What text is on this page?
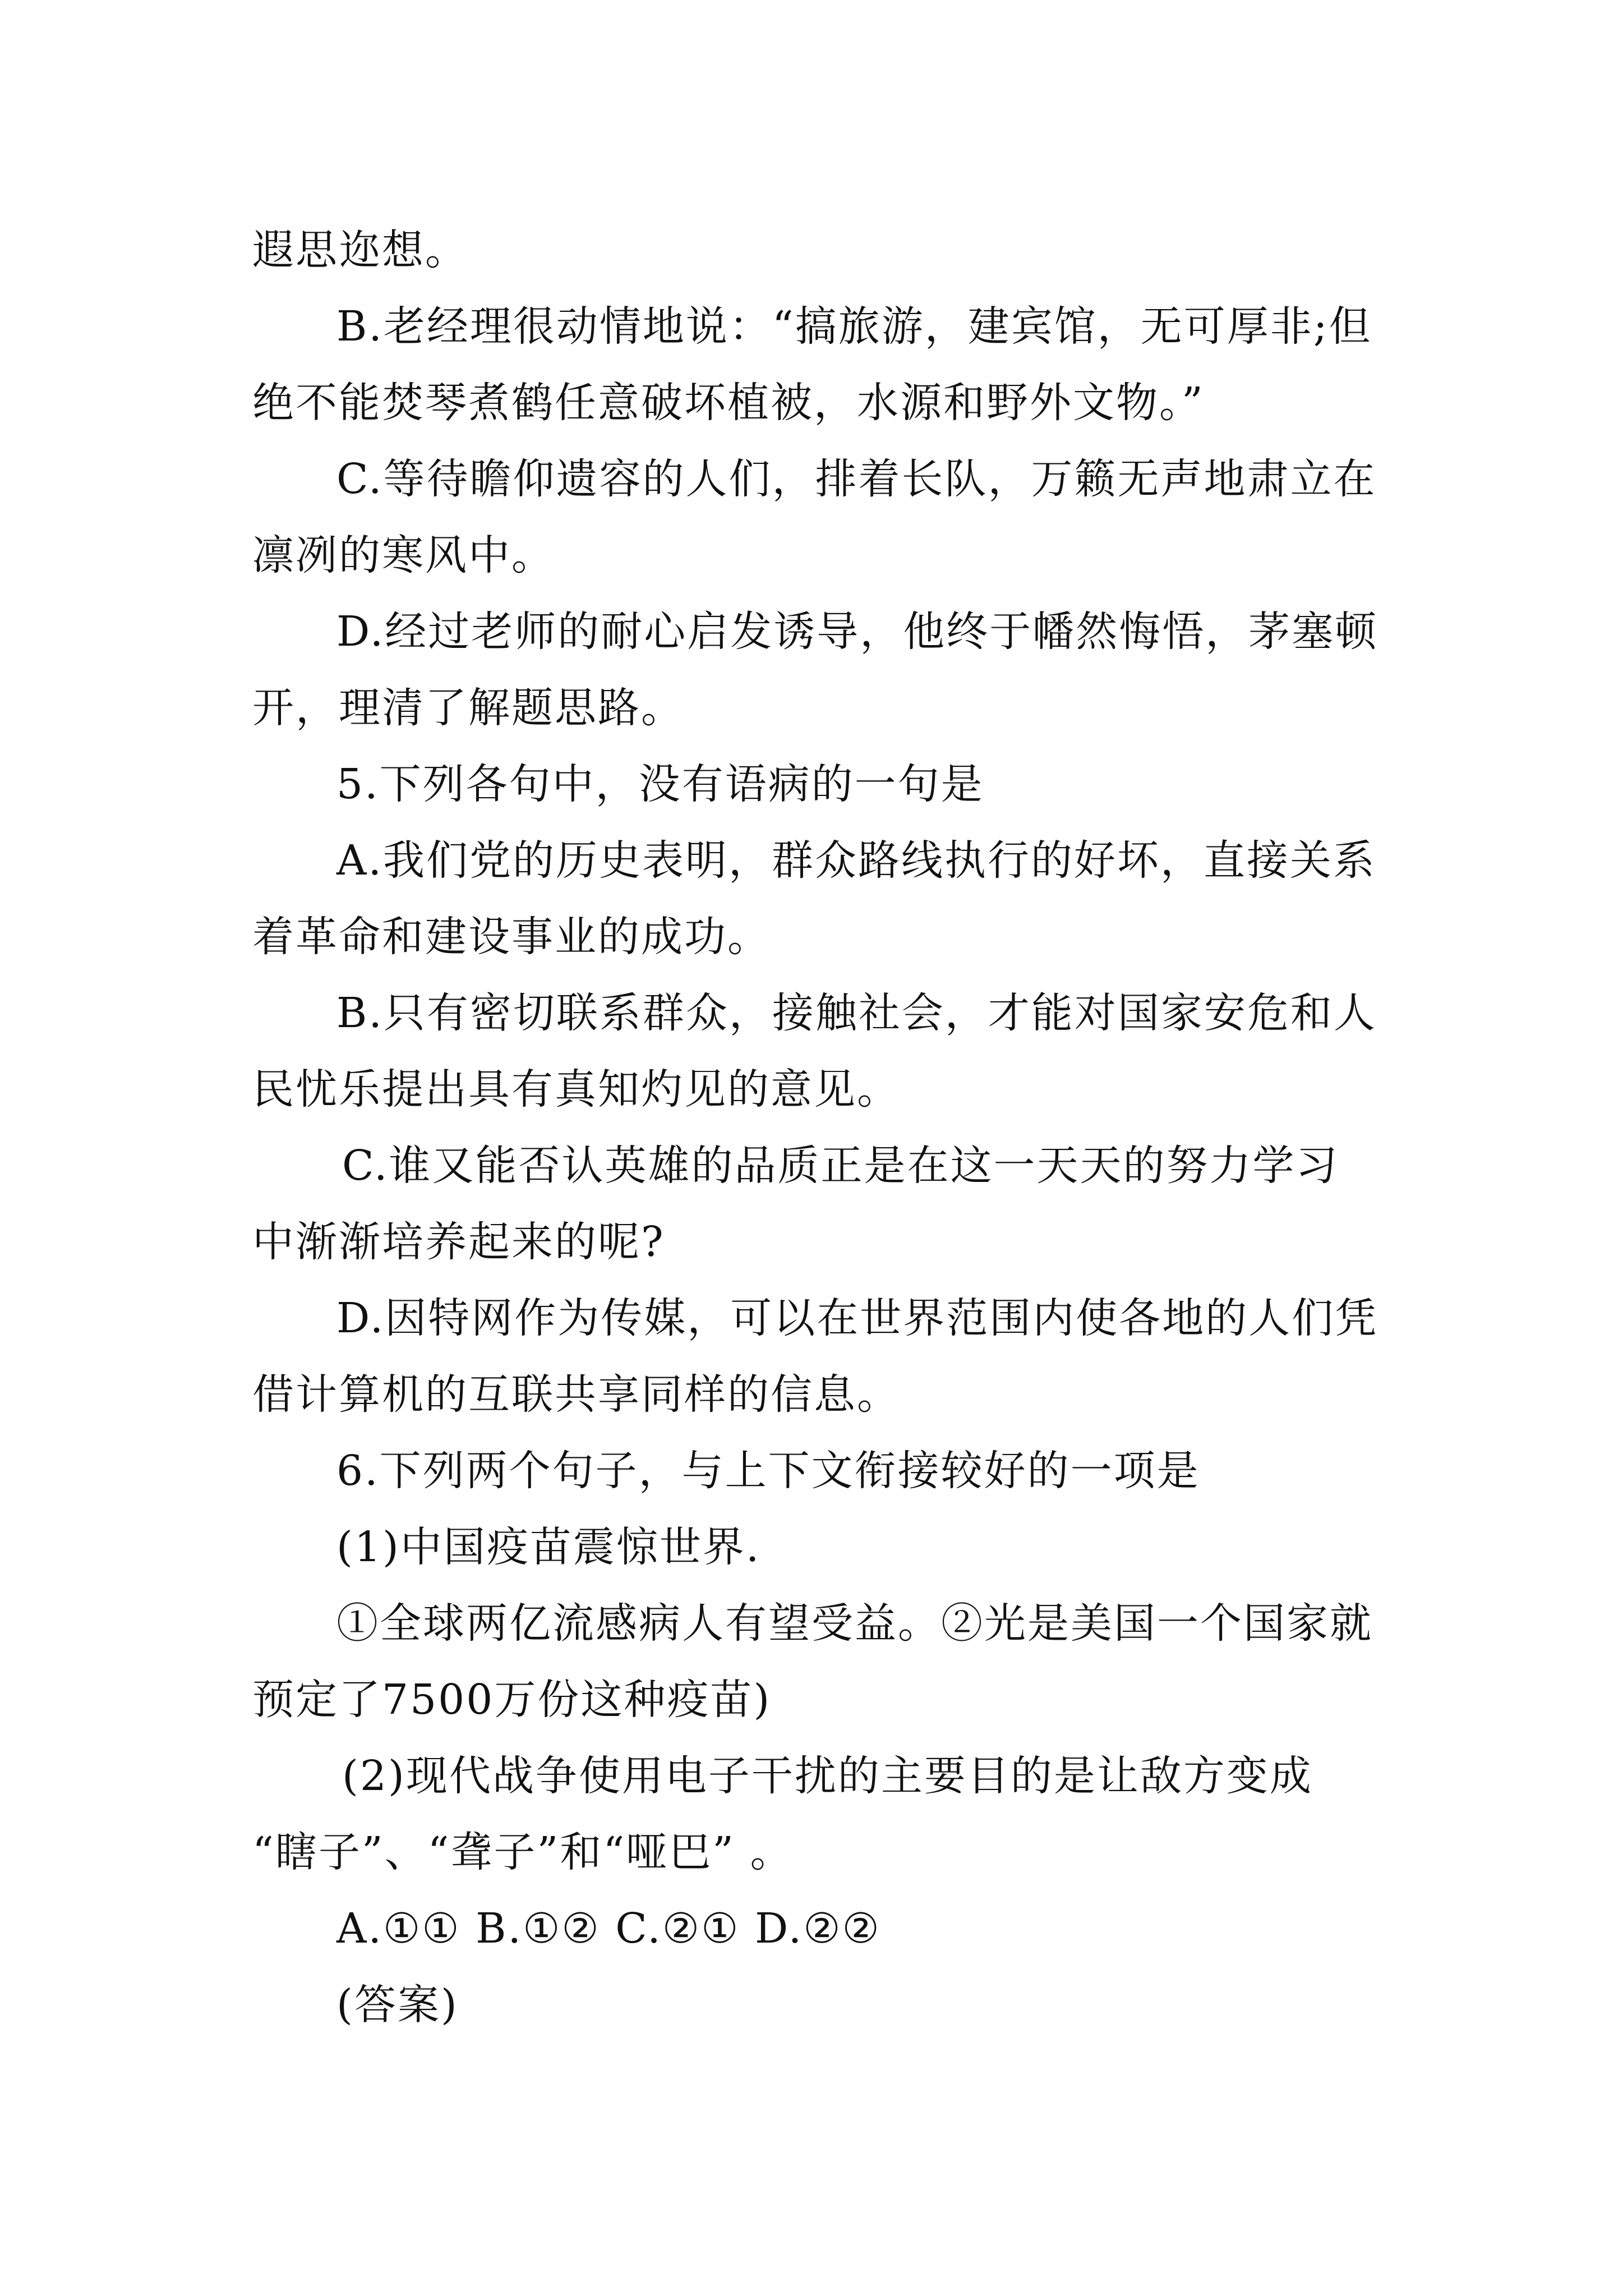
遐思迩想。
B.老经理很动情地说：“搞旅游，建宾馆，无可厚非;但
绝不能焚琴煮鹤任意破坏植被，水源和野外文物。”
C.等待瞻仰遗容的人们，排着长队，万籁无声地肃立在
凛冽的寒风中。
D.经过老师的耐心启发诱导，他终于幡然悔悟，茅塞顿
开，理清了解题思路。
5.下列各句中，没有语病的一句是
A.我们党的历史表明，群众路线执行的好坏，直接关系
着革命和建设事业的成功。
B.只有密切联系群众，接触社会，才能对国家安危和人
民忧乐提出具有真知灼见的意见。
C.谁又能否认英雄的品质正是在这一天天的努力学习
中渐渐培养起来的呢?
D.因特网作为传媒，可以在世界范围内使各地的人们凭
借计算机的互联共享同样的信息。
6.下列两个句子，与上下文衔接较好的一项是
(1)中国疫苗震惊世界.
①全球两亿流感病人有望受益。②光是美国一个国家就
预定了7500万份这种疫苗)
(2)现代战争使用电子干扰的主要目的是让敌方变成
“瞎子”、“聋子”和“哑巴” 。
A.①① B.①② C.②① D.②②
(答案)
